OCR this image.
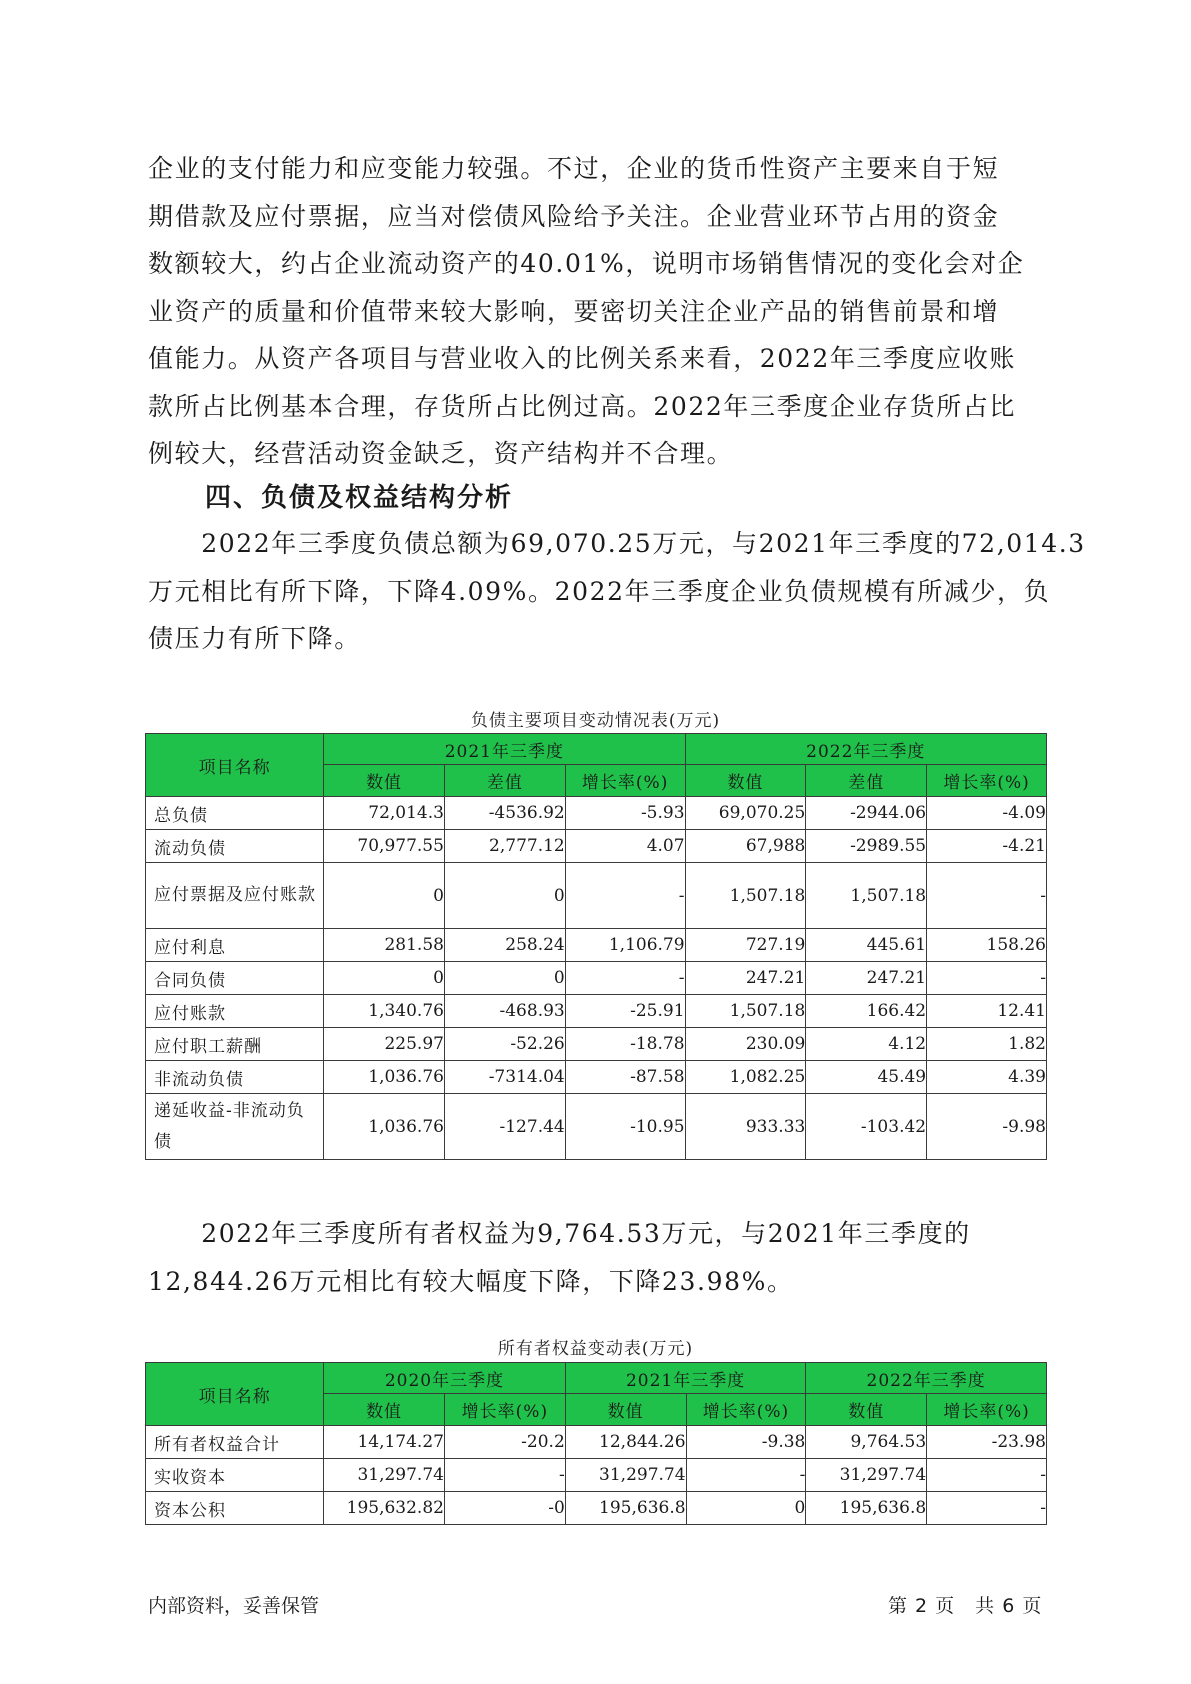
企业的支付能力和应变能力较强。不过，企业的货币性资产主要来自于短
期借款及应付票据，应当对偿债风险给予关注。企业营业环节占用的资金
数额较大，约占企业流动资产的40.01%，说明市场销售情况的变化会对企
业资产的质量和价值带来较大影响，要密切关注企业产品的销售前景和增
值能力。从资产各项目与营业收入的比例关系来看，2022年三季度应收账
款所占比例基本合理，存货所占比例过高。2022年三季度企业存货所占比
例较大，经营活动资金缺乏，资产结构并不合理。
四、负债及权益结构分析
　　2022年三季度负债总额为69,070.25万元，与2021年三季度的72,014.3
万元相比有所下降，下降4.09%。2022年三季度企业负债规模有所减少，负
债压力有所下降。
负债主要项目变动情况表(万元)
项目名称	2021年三季度			2022年三季度		
	数值	差值	增长率(%)	数值	差值	增长率(%)
总负债	72,014.3	-4536.92	-5.93	69,070.25	-2944.06	-4.09
流动负债	70,977.55	2,777.12	4.07	67,988	-2989.55	-4.21
应付票据及应付账款	0	0	-	1,507.18	1,507.18	-
应付利息	281.58	258.24	1,106.79	727.19	445.61	158.26
合同负债	0	0	-	247.21	247.21	-
应付账款	1,340.76	-468.93	-25.91	1,507.18	166.42	12.41
应付职工薪酬	225.97	-52.26	-18.78	230.09	4.12	1.82
非流动负债	1,036.76	-7314.04	-87.58	1,082.25	45.49	4.39
递延收益-非流动负债	1,036.76	-127.44	-10.95	933.33	-103.42	-9.98
　　2022年三季度所有者权益为9,764.53万元，与2021年三季度的
12,844.26万元相比有较大幅度下降，下降23.98%。
所有者权益变动表(万元)
项目名称	2020年三季度		2021年三季度		2022年三季度	
	数值	增长率(%)	数值	增长率(%)	数值	增长率(%)
所有者权益合计	14,174.27	-20.2	12,844.26	-9.38	9,764.53	-23.98
实收资本	31,297.74	-	31,297.74	-	31,297.74	-
资本公积	195,632.82	-0	195,636.8	0	195,636.8	-
内部资料，妥善保管	第 2 页　共 6 页
